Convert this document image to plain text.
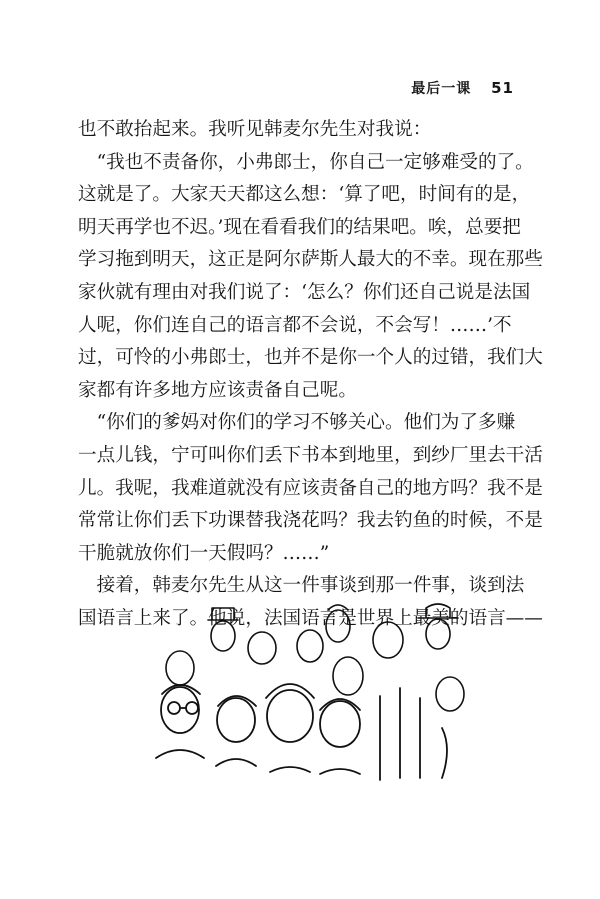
最后一课 51
也不敢抬起来。我听见韩麦尔先生对我说：
　“我也不责备你，小弗郎士，你自己一定够难受的了。
这就是了。大家天天都这么想：‘算了吧，时间有的是，
明天再学也不迟。’现在看看我们的结果吧。唉，总要把
学习拖到明天，这正是阿尔萨斯人最大的不幸。现在那些
家伙就有理由对我们说了：‘怎么？你们还自己说是法国
人呢，你们连自己的语言都不会说，不会写！……’不
过，可怜的小弗郎士，也并不是你一个人的过错，我们大
家都有许多地方应该责备自己呢。
　“你们的爹妈对你们的学习不够关心。他们为了多赚
一点儿钱，宁可叫你们丢下书本到地里，到纱厂里去干活
儿。我呢，我难道就没有应该责备自己的地方吗？我不是
常常让你们丢下功课替我浇花吗？我去钓鱼的时候，不是
干脆就放你们一天假吗？……”
　接着，韩麦尔先生从这一件事谈到那一件事，谈到法
国语言上来了。他说，法国语言是世界上最美的语言——
